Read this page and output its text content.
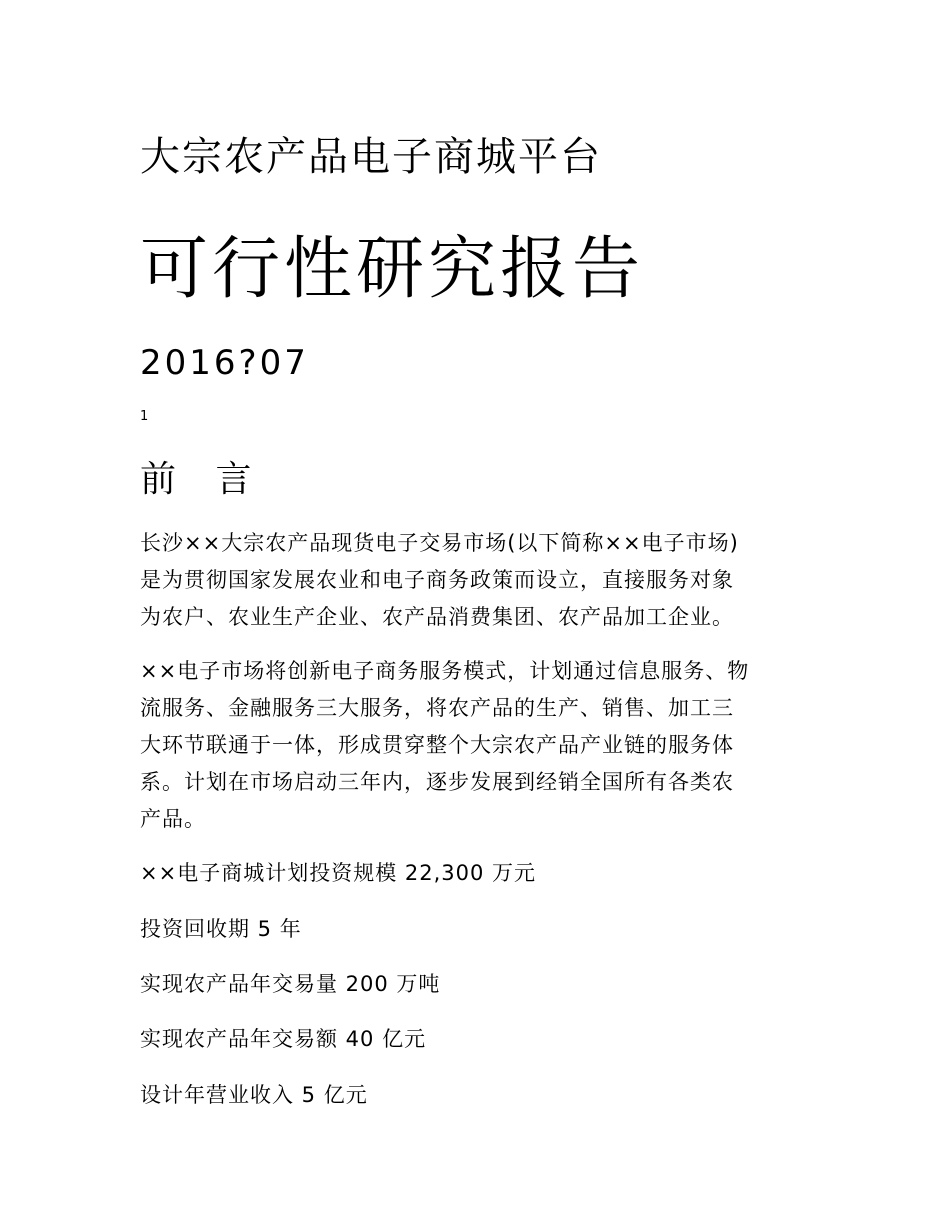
大宗农产品电子商城平台
可行性研究报告
2016?07
1
前 言
长沙××大宗农产品现货电子交易市场(以下简称××电子市场)
是为贯彻国家发展农业和电子商务政策而设立，直接服务对象
为农户、农业生产企业、农产品消费集团、农产品加工企业。
××电子市场将创新电子商务服务模式，计划通过信息服务、物
流服务、金融服务三大服务，将农产品的生产、销售、加工三
大环节联通于一体，形成贯穿整个大宗农产品产业链的服务体
系。计划在市场启动三年内，逐步发展到经销全国所有各类农
产品。
××电子商城计划投资规模 22,300 万元
投资回收期 5 年
实现农产品年交易量 200 万吨
实现农产品年交易额 40 亿元
设计年营业收入 5 亿元
